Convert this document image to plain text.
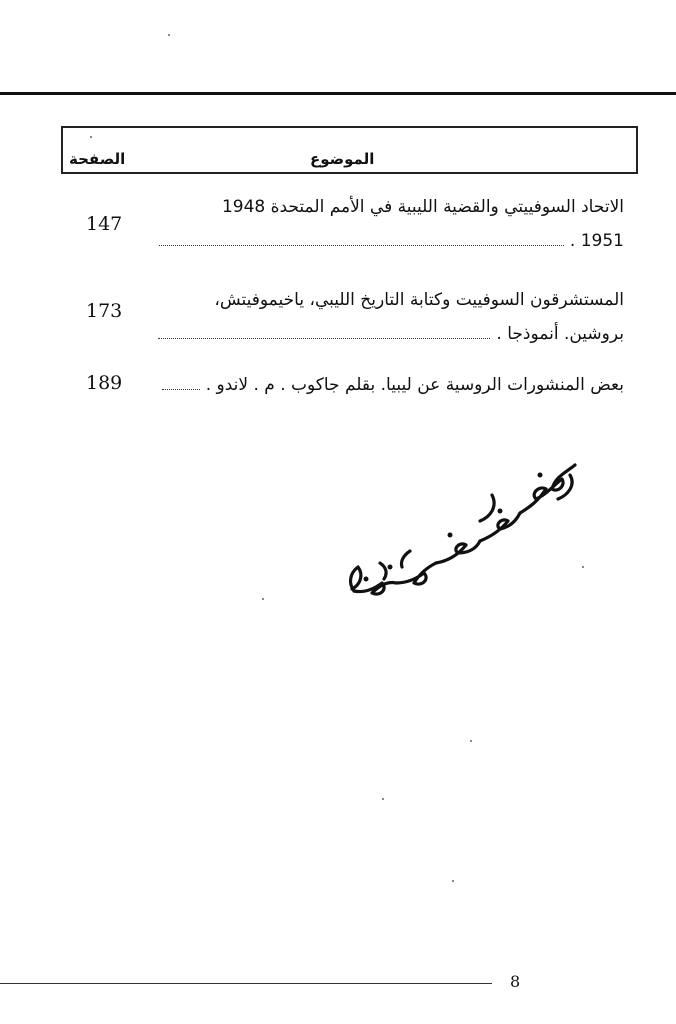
الموضوع
الصفحة
الاتحاد السوفييتي والقضية الليبية في الأمم المتحدة 1948
1951 .
147
المستشرقون السوفييت وكتابة التاريخ الليبي، ياخيموفيتش،
بروشين. أنموذجا .
173
بعض المنشورات الروسية عن ليبيا. بقلم جاكوب . م . لاندو .
189
8
